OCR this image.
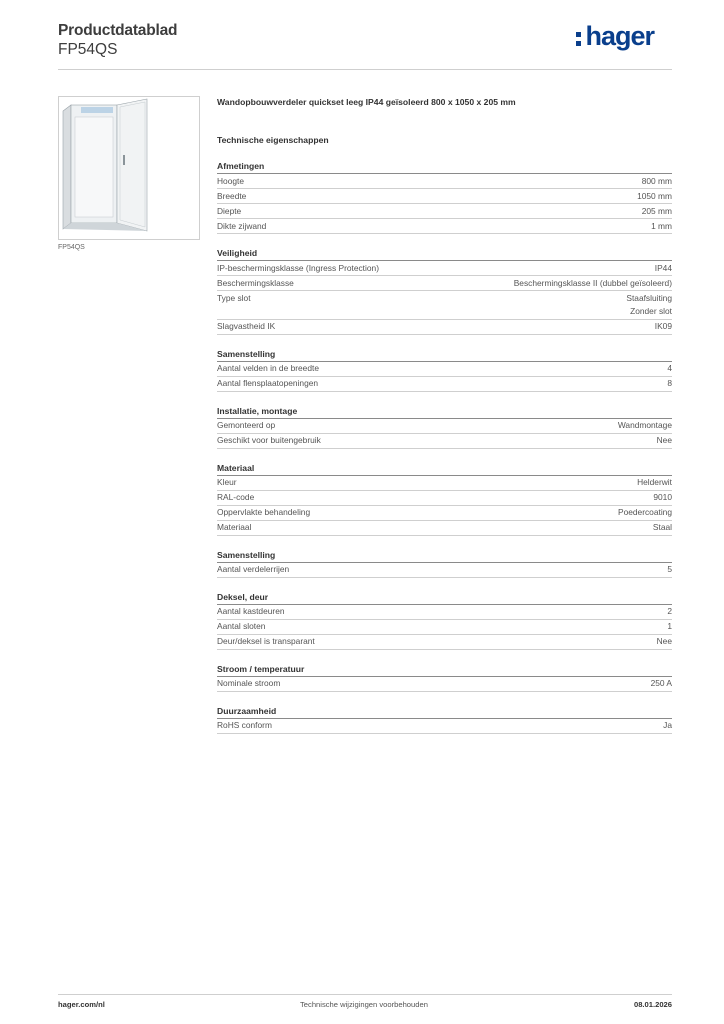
Productdatablad
FP54QS	hager
FP54QS
Wandopbouwverdeler quickset leeg IP44 geïsoleerd 800 x 1050 x 205 mm
Technische eigenschappen
Afmetingen
Hoogte	800 mm
Breedte	1050 mm
Diepte	205 mm
Dikte zijwand	1 mm
Veiligheid
IP-beschermingsklasse (Ingress Protection)	IP44
Beschermingsklasse	Beschermingsklasse II (dubbel geïsoleerd)
Type slot	Staafsluiting
Zonder slot
Slagvastheid IK	IK09
Samenstelling
Aantal velden in de breedte	4
Aantal flensplaatopeningen	8
Installatie, montage
Gemonteerd op	Wandmontage
Geschikt voor buitengebruik	Nee
Materiaal
Kleur	Helderwit
RAL-code	9010
Oppervlakte behandeling	Poedercoating
Materiaal	Staal
Samenstelling
Aantal verdelerrijen	5
Deksel, deur
Aantal kastdeuren	2
Aantal sloten	1
Deur/deksel is transparant	Nee
Stroom / temperatuur
Nominale stroom	250 A
Duurzaamheid
RoHS conform	Ja
hager.com/nl	Technische wijzigingen voorbehouden	08.01.2026
